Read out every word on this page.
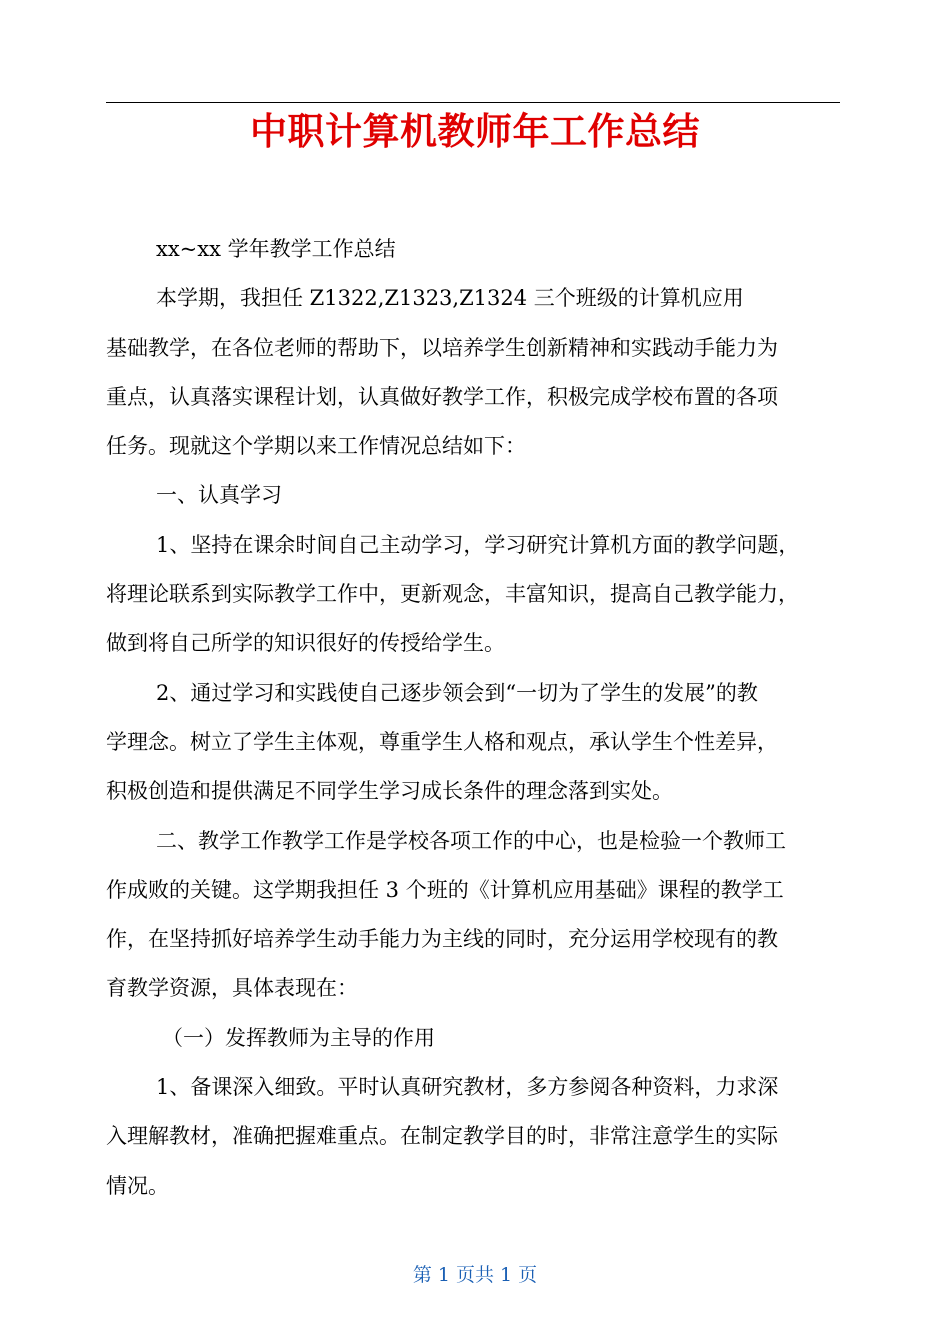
中职计算机教师年工作总结
xx~xx 学年教学工作总结
本学期，我担任 Z1322,Z1323,Z1324 三个班级的计算机应用
基础教学，在各位老师的帮助下，以培养学生创新精神和实践动手能力为
重点，认真落实课程计划，认真做好教学工作，积极完成学校布置的各项
任务。现就这个学期以来工作情况总结如下：
一、认真学习
1、坚持在课余时间自己主动学习，学习研究计算机方面的教学问题，
将理论联系到实际教学工作中，更新观念，丰富知识，提高自己教学能力，
做到将自己所学的知识很好的传授给学生。
2、通过学习和实践使自己逐步领会到“一切为了学生的发展”的教
学理念。树立了学生主体观，尊重学生人格和观点，承认学生个性差异，
积极创造和提供满足不同学生学习成长条件的理念落到实处。
二、教学工作教学工作是学校各项工作的中心，也是检验一个教师工
作成败的关键。这学期我担任 3 个班的《计算机应用基础》课程的教学工
作，在坚持抓好培养学生动手能力为主线的同时，充分运用学校现有的教
育教学资源，具体表现在：
（一）发挥教师为主导的作用
1、备课深入细致。平时认真研究教材，多方参阅各种资料，力求深
入理解教材，准确把握难重点。在制定教学目的时，非常注意学生的实际
情况。
第 1 页共 1 页
